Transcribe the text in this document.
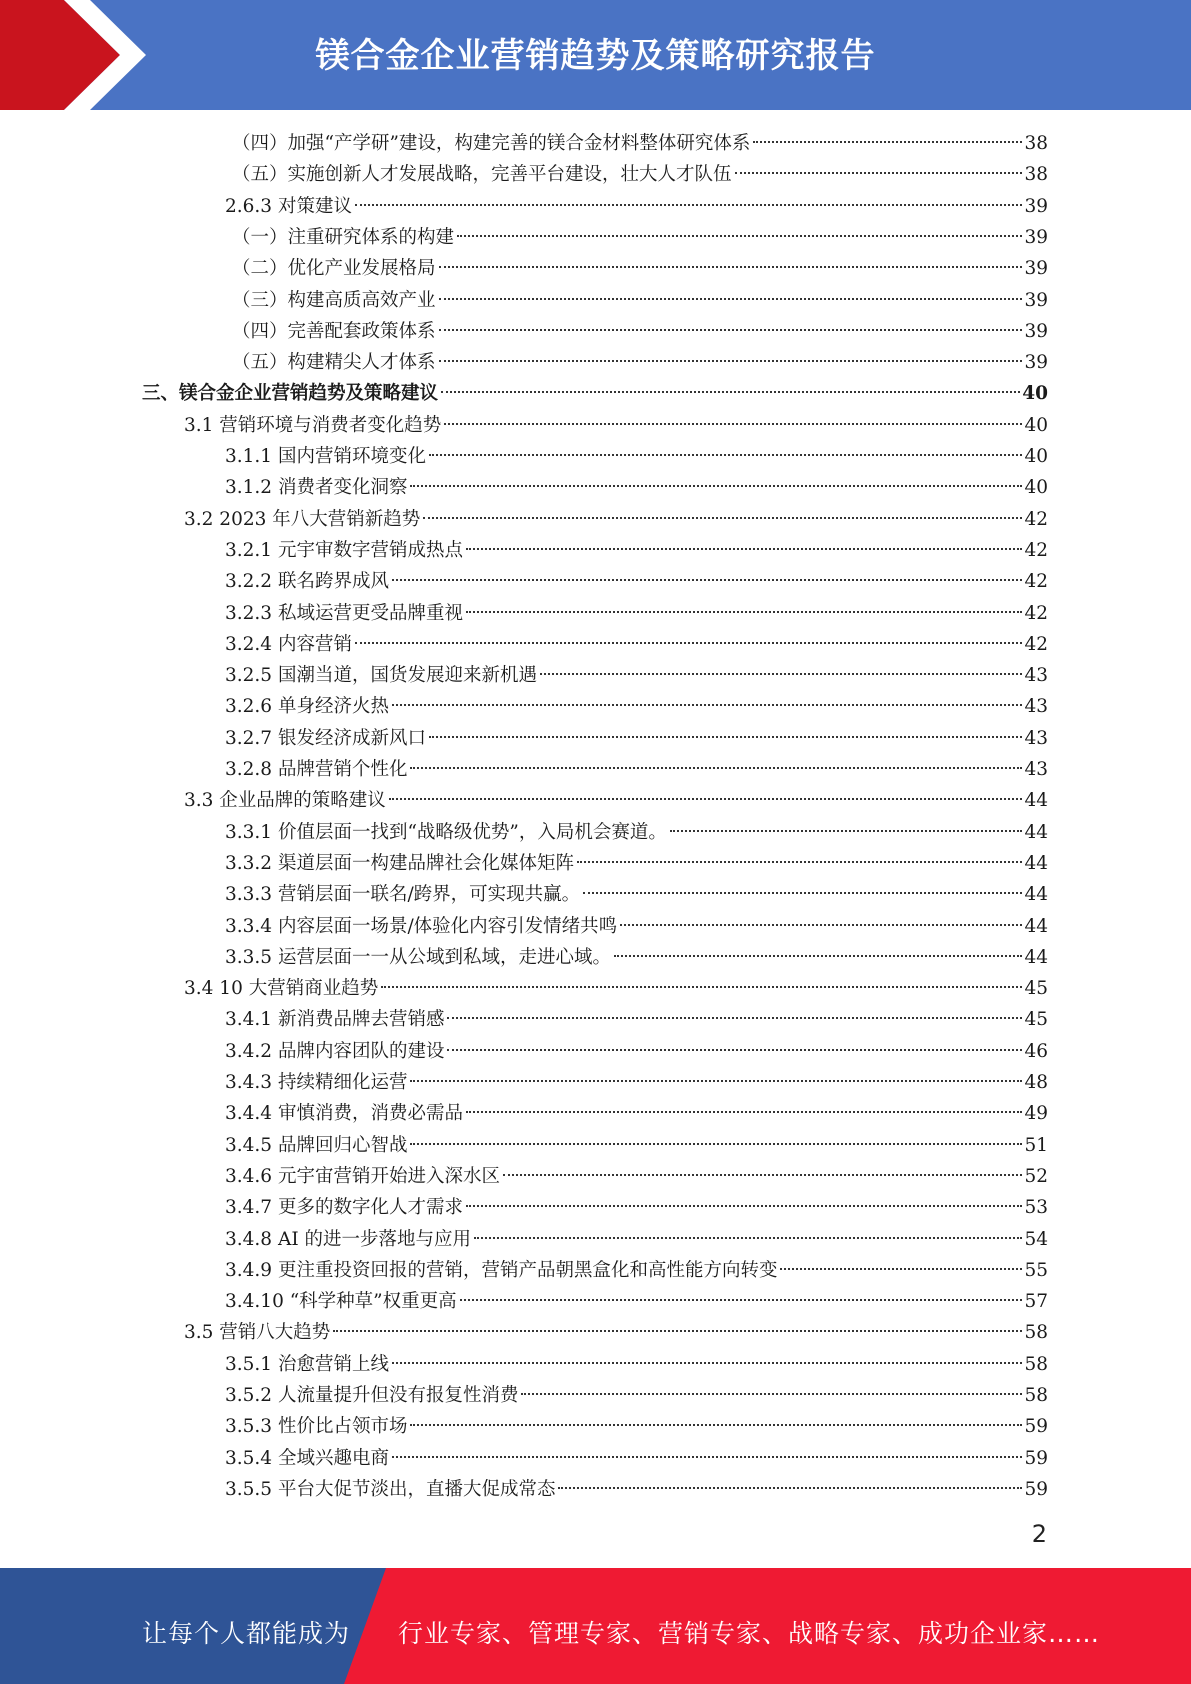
镁合金企业营销趋势及策略研究报告
（四）加强“产学研”建设，构建完善的镁合金材料整体研究体系	38
（五）实施创新人才发展战略，完善平台建设，壮大人才队伍	38
2.6.3 对策建议	39
（一）注重研究体系的构建	39
（二）优化产业发展格局	39
（三）构建高质高效产业	39
（四）完善配套政策体系	39
（五）构建精尖人才体系	39
三、镁合金企业营销趋势及策略建议	40
3.1 营销环境与消费者变化趋势	40
3.1.1 国内营销环境变化	40
3.1.2 消费者变化洞察	40
3.2 2023 年八大营销新趋势	42
3.2.1 元宇审数字营销成热点	42
3.2.2 联名跨界成风	42
3.2.3 私域运营更受品牌重视	42
3.2.4 内容营销	42
3.2.5 国潮当道，国货发展迎来新机遇	43
3.2.6 单身经济火热	43
3.2.7 银发经济成新风口	43
3.2.8 品牌营销个性化	43
3.3 企业品牌的策略建议	44
3.3.1 价值层面一找到“战略级优势”，入局机会赛道。	44
3.3.2 渠道层面一构建品牌社会化媒体矩阵	44
3.3.3 营销层面一联名/跨界，可实现共赢。	44
3.3.4 内容层面一场景/体验化内容引发情绪共鸣	44
3.3.5 运营层面一一从公域到私域，走进心域。	44
3.4 10 大营销商业趋势	45
3.4.1 新消费品牌去营销感	45
3.4.2 品牌内容团队的建设	46
3.4.3 持续精细化运营	48
3.4.4 审慎消费，消费必需品	49
3.4.5 品牌回归心智战	51
3.4.6 元宇宙营销开始进入深水区	52
3.4.7 更多的数字化人才需求	53
3.4.8 AI 的进一步落地与应用	54
3.4.9 更注重投资回报的营销，营销产品朝黑盒化和高性能方向转变	55
3.4.10 “科学种草”权重更高	57
3.5 营销八大趋势	58
3.5.1 治愈营销上线	58
3.5.2 人流量提升但没有报复性消费	58
3.5.3 性价比占领市场	59
3.5.4 全域兴趣电商	59
3.5.5 平台大促节淡出，直播大促成常态	59
2
让每个人都能成为 行业专家、管理专家、营销专家、战略专家、成功企业家……
